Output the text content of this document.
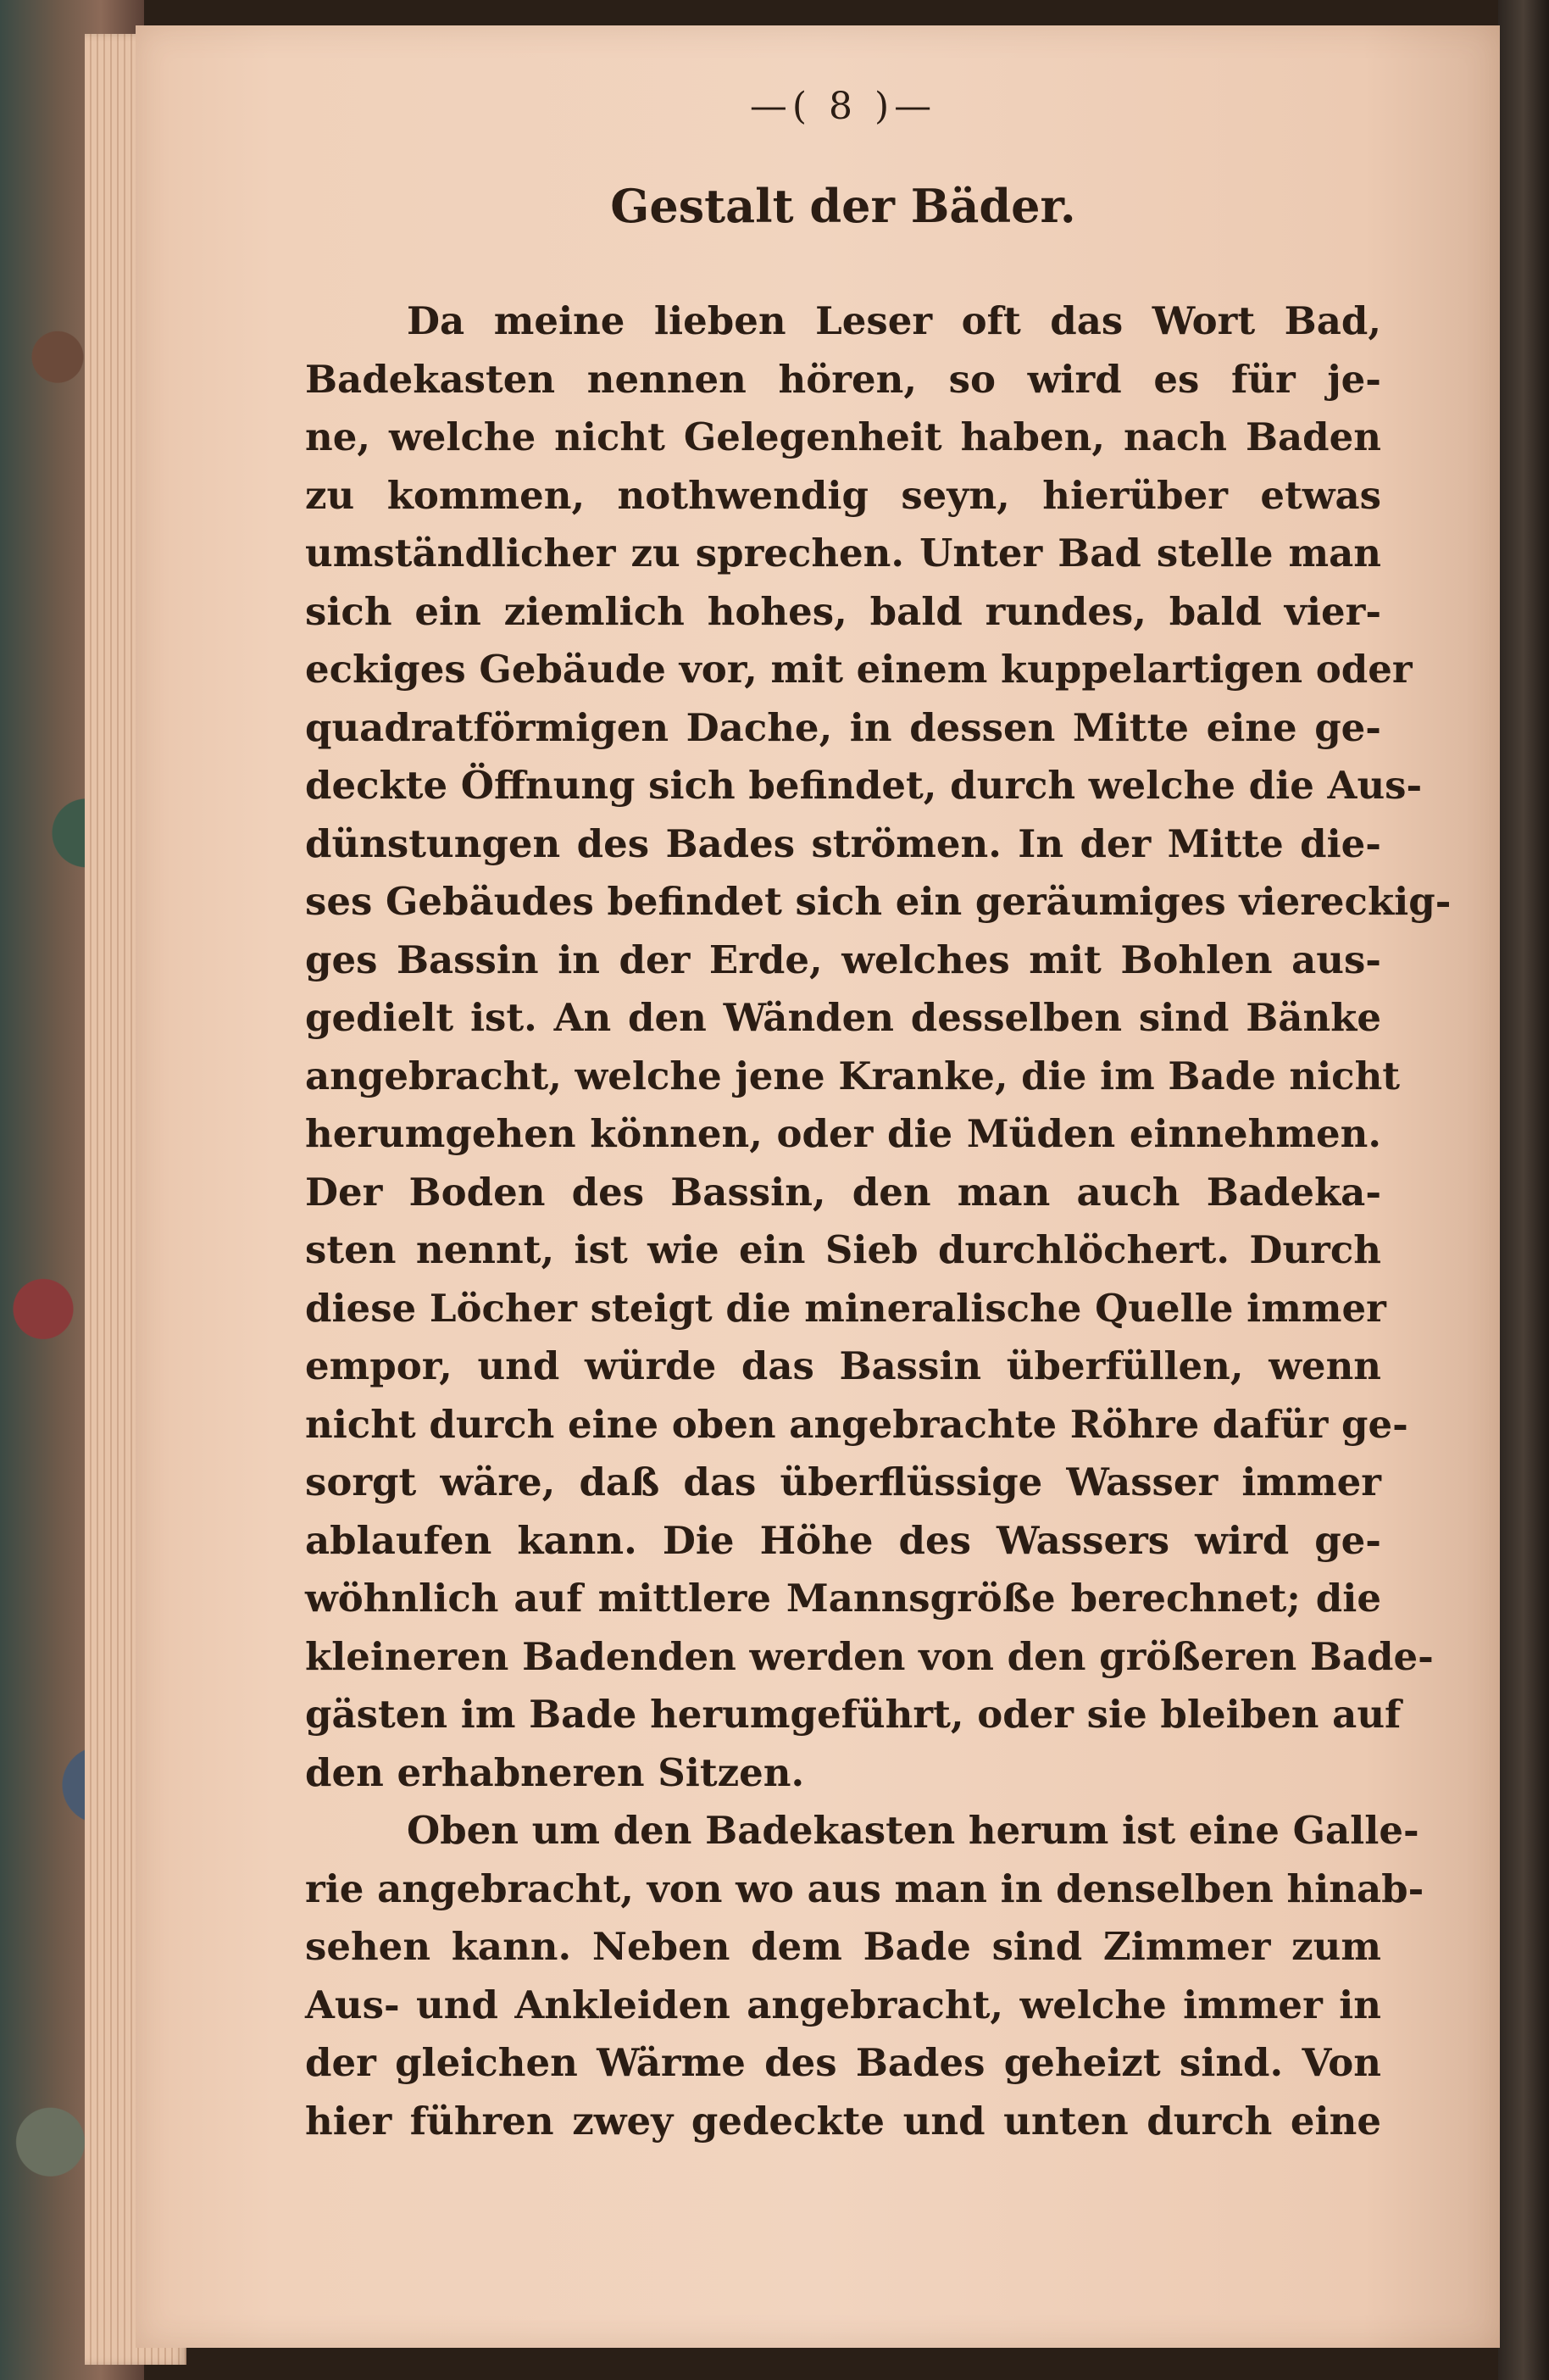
—( 8 )—
Gestalt der Bäder.
Da meine lieben Leser oft das Wort Bad,
Badekasten nennen hören, so wird es für je-
ne, welche nicht Gelegenheit haben, nach Baden
zu kommen, nothwendig seyn, hierüber etwas
umständlicher zu sprechen. Unter Bad stelle man
sich ein ziemlich hohes, bald rundes, bald vier-
eckiges Gebäude vor, mit einem kuppelartigen oder
quadratförmigen Dache, in dessen Mitte eine ge-
deckte Öffnung sich befindet, durch welche die Aus-
dünstungen des Bades strömen. In der Mitte die-
ses Gebäudes befindet sich ein geräumiges viereckig-
ges Bassin in der Erde, welches mit Bohlen aus-
gedielt ist. An den Wänden desselben sind Bänke
angebracht, welche jene Kranke, die im Bade nicht
herumgehen können, oder die Müden einnehmen.
Der Boden des Bassin, den man auch Badeka-
sten nennt, ist wie ein Sieb durchlöchert. Durch
diese Löcher steigt die mineralische Quelle immer
empor, und würde das Bassin überfüllen, wenn
nicht durch eine oben angebrachte Röhre dafür ge-
sorgt wäre, daß das überflüssige Wasser immer
ablaufen kann. Die Höhe des Wassers wird ge-
wöhnlich auf mittlere Mannsgröße berechnet; die
kleineren Badenden werden von den größeren Bade-
gästen im Bade herumgeführt, oder sie bleiben auf
den erhabneren Sitzen.
Oben um den Badekasten herum ist eine Galle-
rie angebracht, von wo aus man in denselben hinab-
sehen kann. Neben dem Bade sind Zimmer zum
Aus- und Ankleiden angebracht, welche immer in
der gleichen Wärme des Bades geheizt sind. Von
hier führen zwey gedeckte und unten durch eine
